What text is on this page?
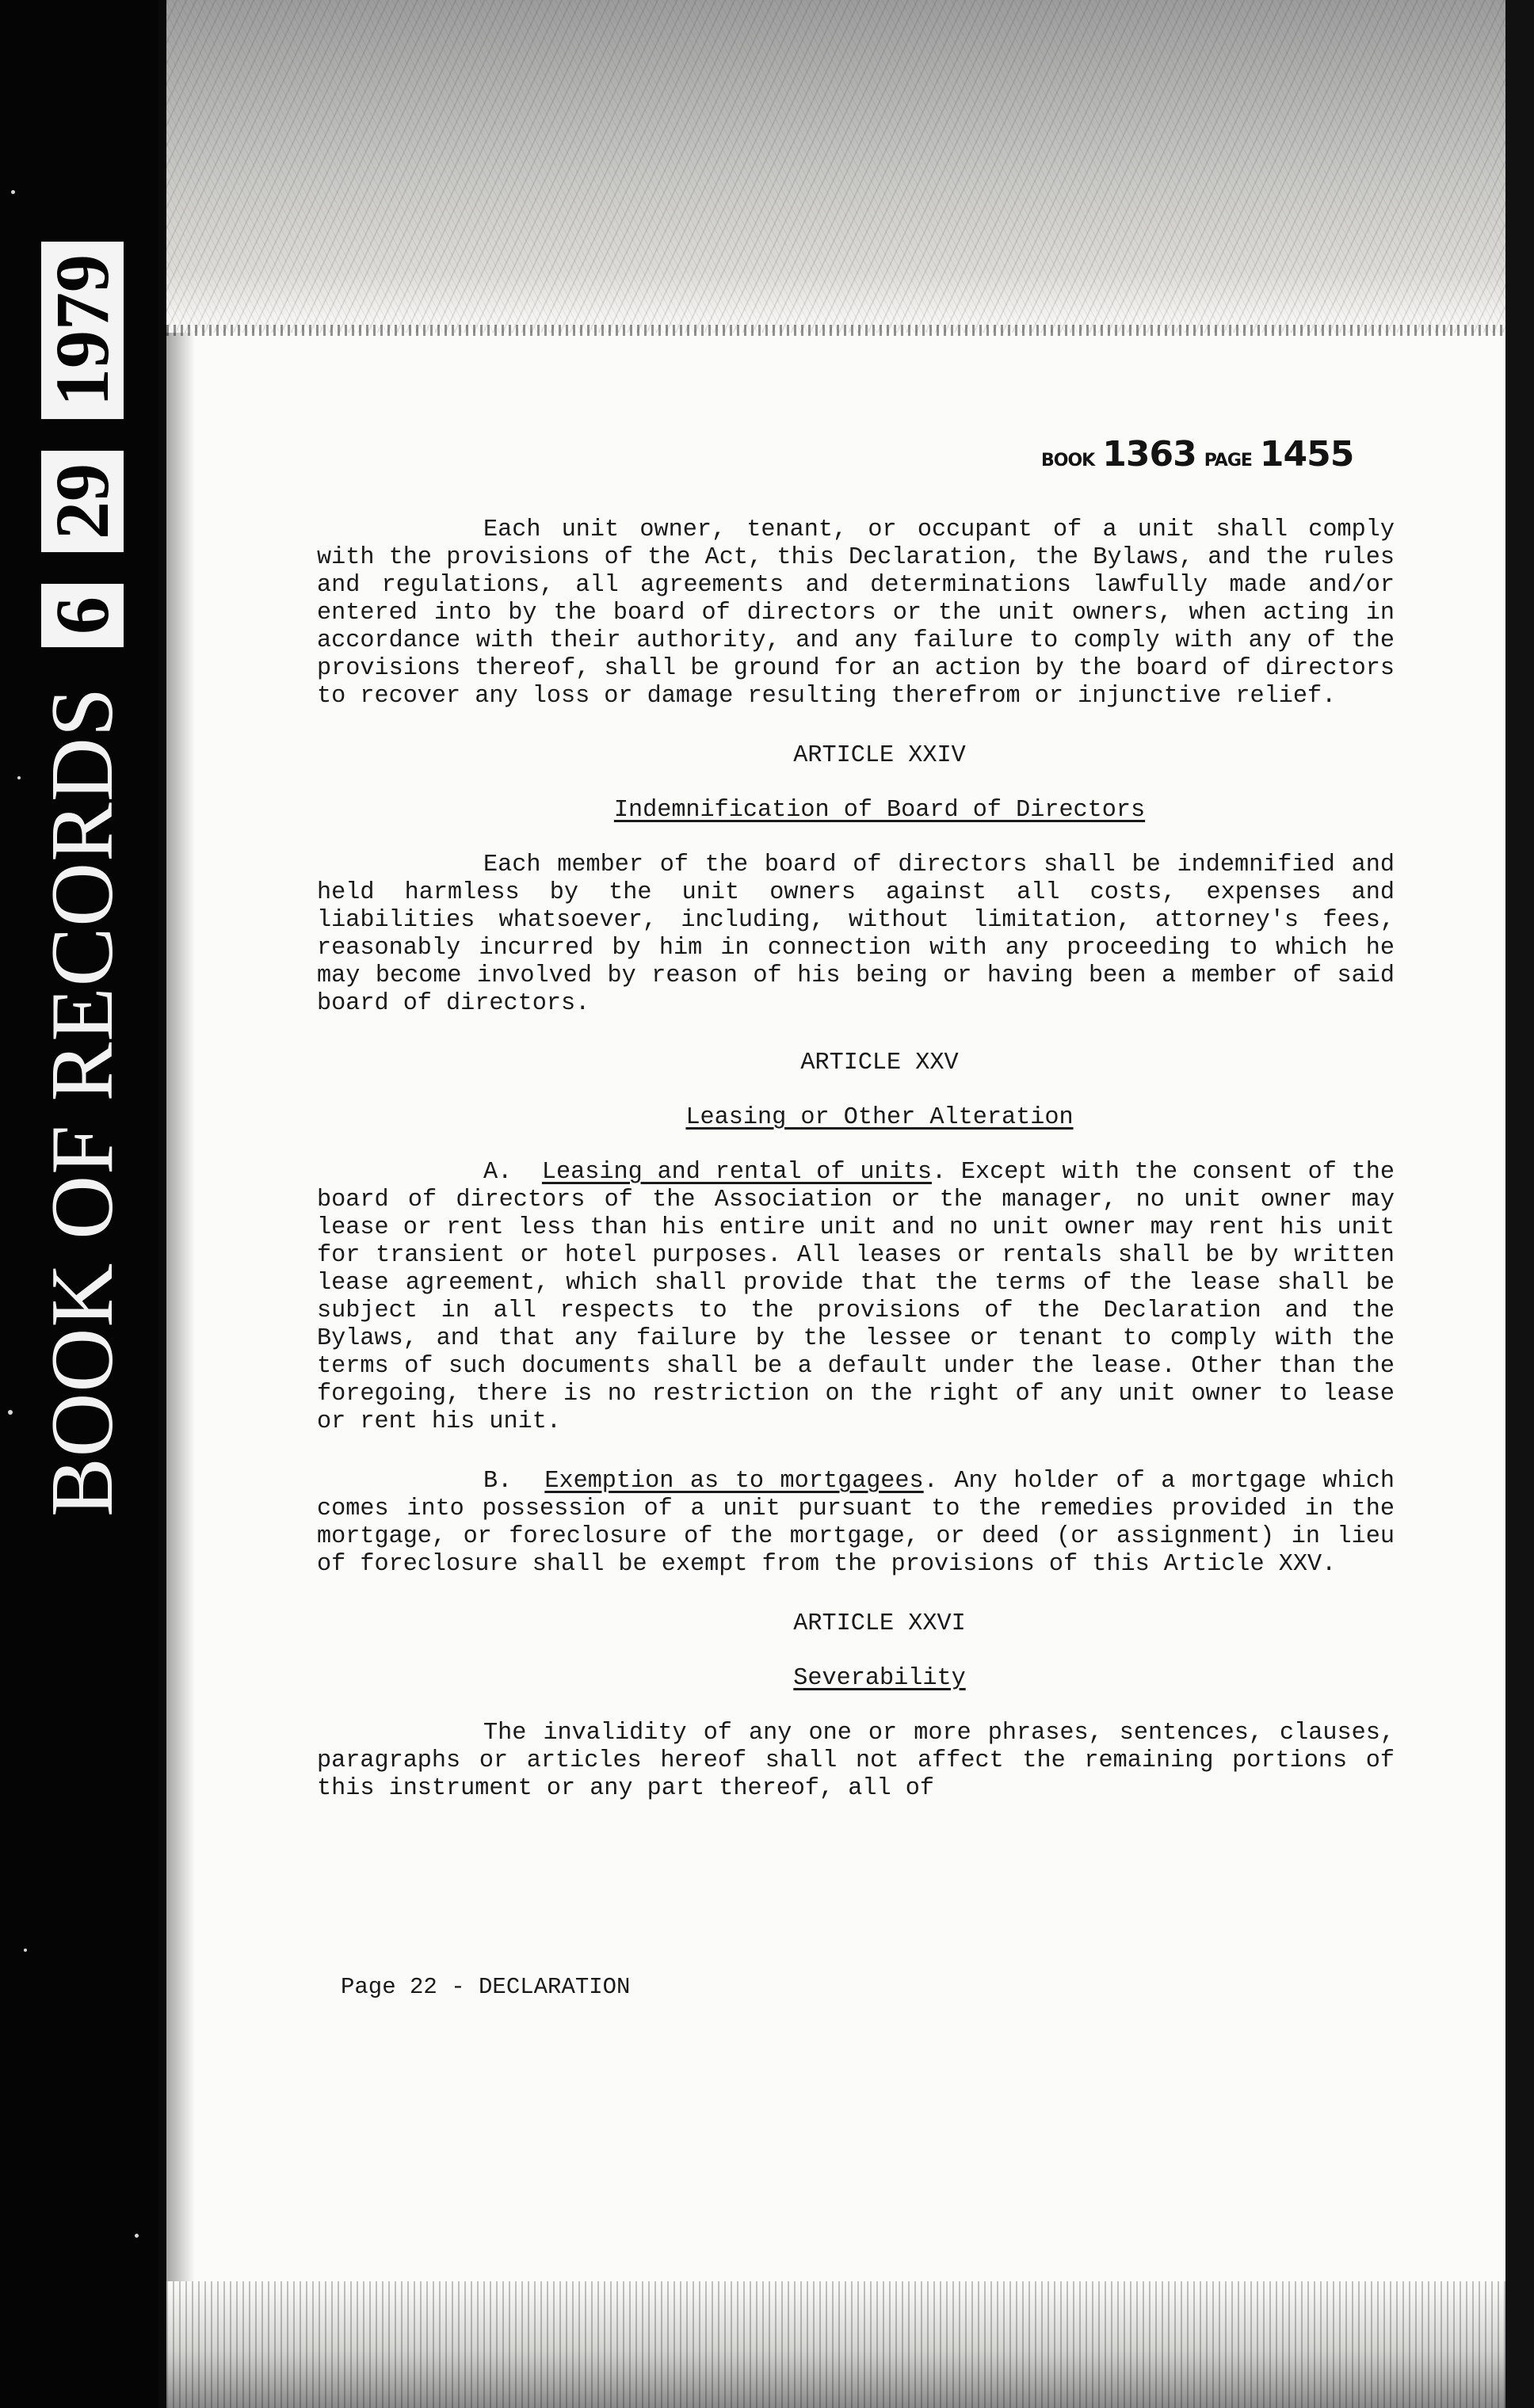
BOOK OF RECORDS
6
29
1979
BOOK 1363 PAGE 1455

Each unit owner, tenant, or occupant of a unit shall comply with the provisions of the Act, this Declaration, the Bylaws, and the rules and regulations, all agreements and determinations lawfully made and/or entered into by the board of directors or the unit owners, when acting in accordance with their authority, and any failure to comply with any of the provisions thereof, shall be ground for an action by the board of directors to recover any loss or damage resulting therefrom or injunctive relief.

ARTICLE XXIV

Indemnification of Board of Directors

Each member of the board of directors shall be indemnified and held harmless by the unit owners against all costs, expenses and liabilities whatsoever, including, without limitation, attorney's fees, reasonably incurred by him in connection with any proceeding to which he may become involved by reason of his being or having been a member of said board of directors.

ARTICLE XXV

Leasing or Other Alteration

A. Leasing and rental of units. Except with the consent of the board of directors of the Association or the manager, no unit owner may lease or rent less than his entire unit and no unit owner may rent his unit for transient or hotel purposes. All leases or rentals shall be by written lease agreement, which shall provide that the terms of the lease shall be subject in all respects to the provisions of the Declaration and the Bylaws, and that any failure by the lessee or tenant to comply with the terms of such documents shall be a default under the lease. Other than the foregoing, there is no restriction on the right of any unit owner to lease or rent his unit.

B. Exemption as to mortgagees. Any holder of a mortgage which comes into possession of a unit pursuant to the remedies provided in the mortgage, or foreclosure of the mortgage, or deed (or assignment) in lieu of foreclosure shall be exempt from the provisions of this Article XXV.

ARTICLE XXVI

Severability

The invalidity of any one or more phrases, sentences, clauses, paragraphs or articles hereof shall not affect the remaining portions of this instrument or any part thereof, all of

Page 22 - DECLARATION
